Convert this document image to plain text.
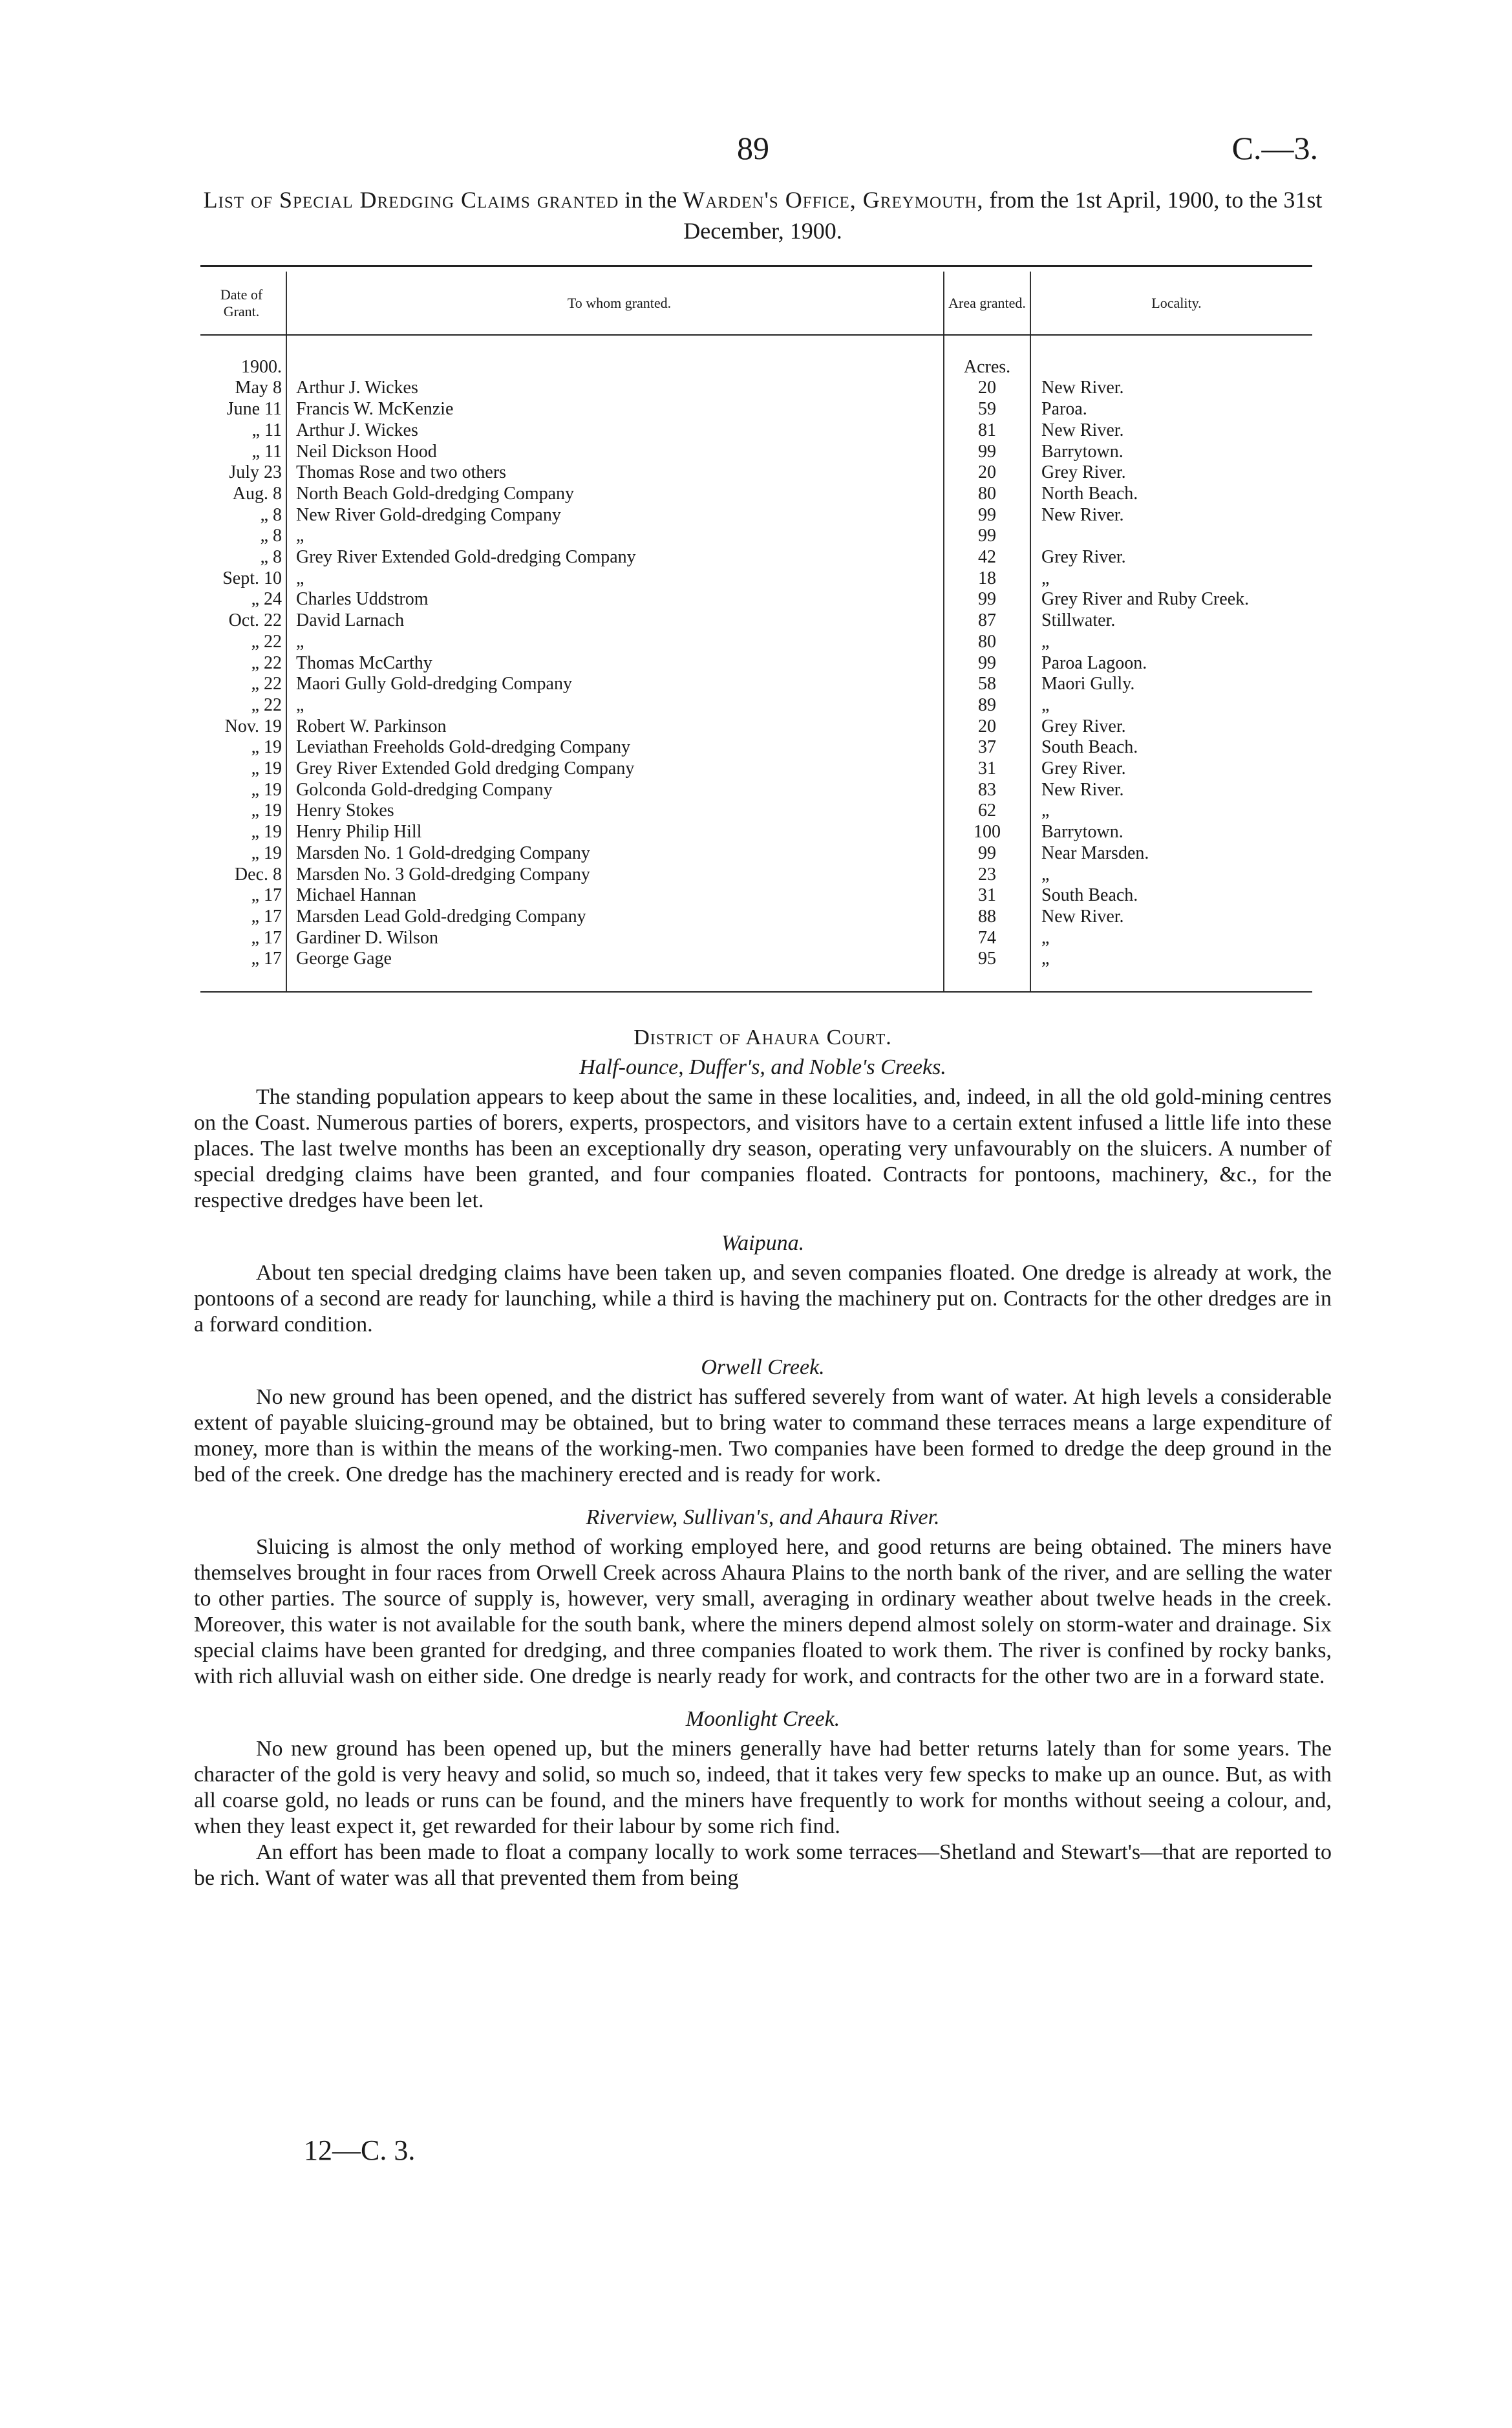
89	C.—3.
List of Special Dredging Claims granted in the Warden's Office, Greymouth, from the 1st April, 1900, to the 31st December, 1900.
Date of Grant.	To whom granted.	Area granted.	Locality.

1900.		Acres.	
May 8	Arthur J. Wickes	20	New River.
June 11	Francis W. McKenzie	59	Paroa.
„ 11	Arthur J. Wickes	81	New River.
„ 11	Neil Dickson Hood	99	Barrytown.
July 23	Thomas Rose and two others	20	Grey River.
Aug. 8	North Beach Gold-dredging Company	80	North Beach.
„ 8	New River Gold-dredging Company	99	New River.
„ 8	„	99	
„ 8	Grey River Extended Gold-dredging Company	42	Grey River.
Sept. 10	„	18	„
„ 24	Charles Uddstrom	99	Grey River and Ruby Creek.
Oct. 22	David Larnach	87	Stillwater.
„ 22	„	80	„
„ 22	Thomas McCarthy	99	Paroa Lagoon.
„ 22	Maori Gully Gold-dredging Company	58	Maori Gully.
„ 22	„	89	„
Nov. 19	Robert W. Parkinson	20	Grey River.
„ 19	Leviathan Freeholds Gold-dredging Company	37	South Beach.
„ 19	Grey River Extended Gold dredging Company	31	Grey River.
„ 19	Golconda Gold-dredging Company	83	New River.
„ 19	Henry Stokes	62	„
„ 19	Henry Philip Hill	100	Barrytown.
„ 19	Marsden No. 1 Gold-dredging Company	99	Near Marsden.
Dec. 8	Marsden No. 3 Gold-dredging Company	23	„
„ 17	Michael Hannan	31	South Beach.
„ 17	Marsden Lead Gold-dredging Company	88	New River.
„ 17	Gardiner D. Wilson	74	„
„ 17	George Gage	95	„

District of Ahaura Court.

Half-ounce, Duffer's, and Noble's Creeks.

The standing population appears to keep about the same in these localities, and, indeed, in all the old gold-mining centres on the Coast. Numerous parties of borers, experts, prospectors, and visitors have to a certain extent infused a little life into these places. The last twelve months has been an exceptionally dry season, operating very unfavourably on the sluicers. A number of special dredging claims have been granted, and four companies floated. Contracts for pontoons, machinery, &c., for the respective dredges have been let.

Waipuna.

About ten special dredging claims have been taken up, and seven companies floated. One dredge is already at work, the pontoons of a second are ready for launching, while a third is having the machinery put on. Contracts for the other dredges are in a forward condition.

Orwell Creek.

No new ground has been opened, and the district has suffered severely from want of water. At high levels a considerable extent of payable sluicing-ground may be obtained, but to bring water to command these terraces means a large expenditure of money, more than is within the means of the working-men. Two companies have been formed to dredge the deep ground in the bed of the creek. One dredge has the machinery erected and is ready for work.

Riverview, Sullivan's, and Ahaura River.

Sluicing is almost the only method of working employed here, and good returns are being obtained. The miners have themselves brought in four races from Orwell Creek across Ahaura Plains to the north bank of the river, and are selling the water to other parties. The source of supply is, however, very small, averaging in ordinary weather about twelve heads in the creek. Moreover, this water is not available for the south bank, where the miners depend almost solely on storm-water and drainage. Six special claims have been granted for dredging, and three companies floated to work them. The river is confined by rocky banks, with rich alluvial wash on either side. One dredge is nearly ready for work, and contracts for the other two are in a forward state.

Moonlight Creek.

No new ground has been opened up, but the miners generally have had better returns lately than for some years. The character of the gold is very heavy and solid, so much so, indeed, that it takes very few specks to make up an ounce. But, as with all coarse gold, no leads or runs can be found, and the miners have frequently to work for months without seeing a colour, and, when they least expect it, get rewarded for their labour by some rich find.

An effort has been made to float a company locally to work some terraces—Shetland and Stewart's—that are reported to be rich. Want of water was all that prevented them from being

12—C. 3.
